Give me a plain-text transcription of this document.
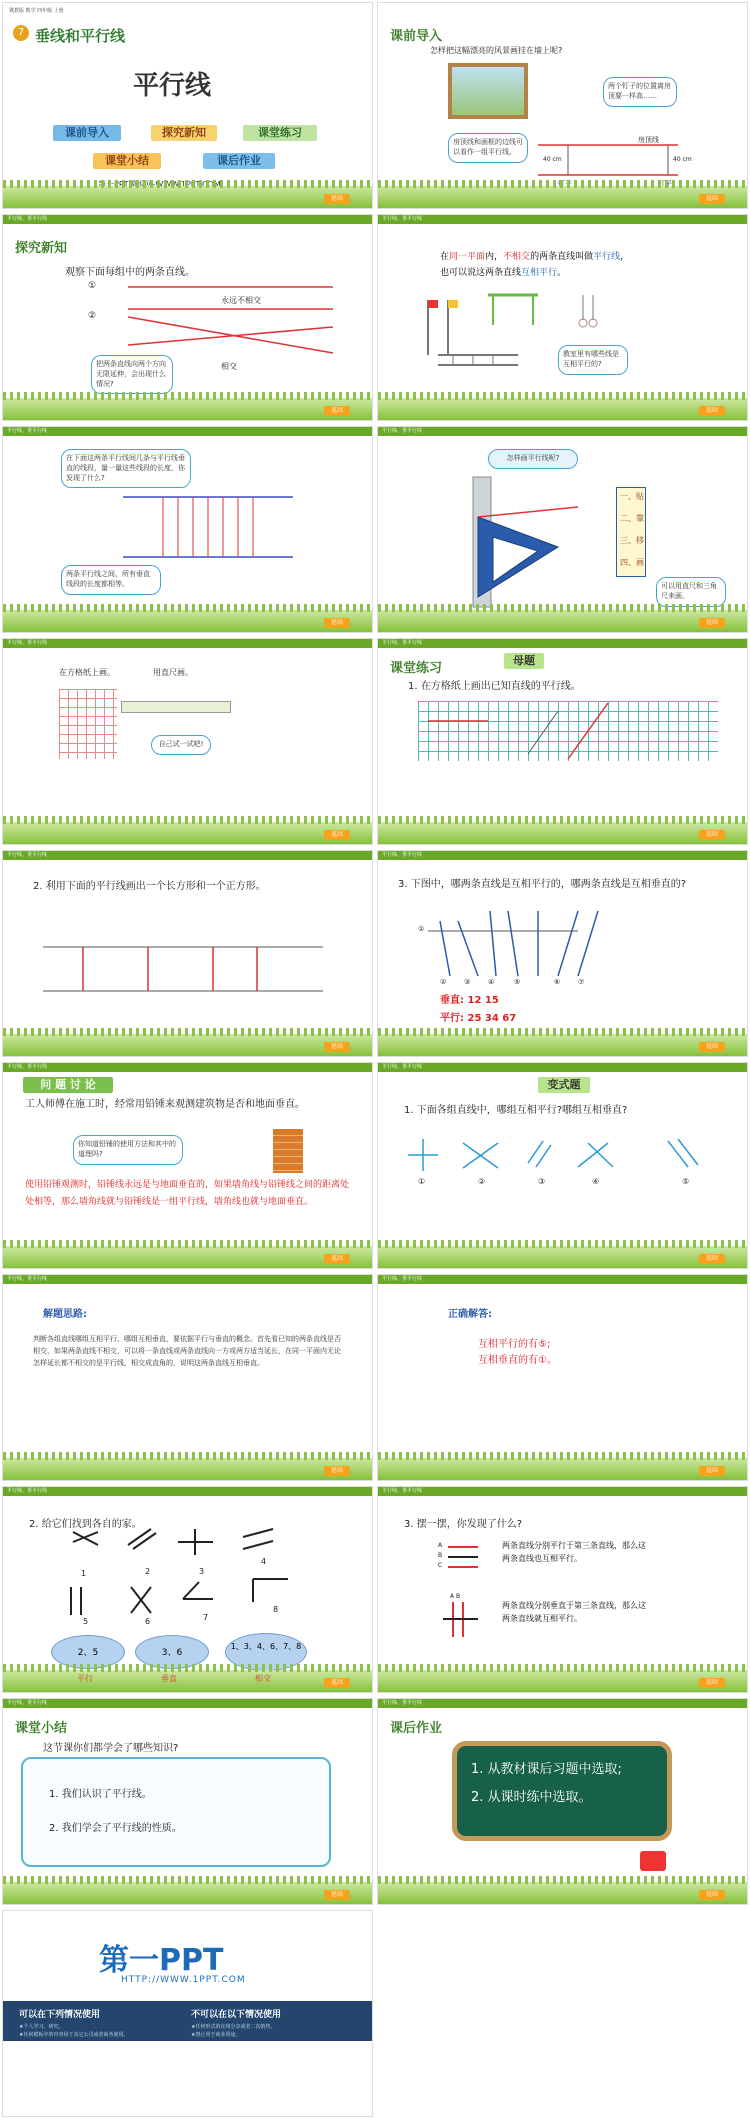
冀教版 数学 四年级 上册
7 垂线和平行线
平行线
课前导入	探究新知	课堂练习
课堂小结	课后作业
返回
课前导入
怎样把这幅漂亮的风景画挂在墙上呢?
两个钉子的位置离房顶要一样高……
房顶线和画框的边线可以看作一组平行线。
房顶线
40 cm	40 cm
返回
平行线、垂平行线
探究新知
观察下面每组中的两条直线。
①
②
永远不相交
相交
把两条直线向两个方向无限延伸，会出现什么情况?
返回
平行线、垂平行线
在同一平面内，不相交的两条直线叫做平行线，
也可以说这两条直线互相平行。
教室里有哪些线是互相平行的?
返回
平行线、垂平行线
在下面这两条平行线间几条与平行线垂直的线段，量一量这些线段的长度，你发现了什么?
两条平行线之间，所有垂直线段的长度都相等。
返回
平行线、垂平行线
怎样画平行线呢?
一、贴
二、靠
三、移
四、画
可以用直尺和三角尺来画。
返回
平行线、垂平行线
在方格纸上画。	用直尺画。
自己试一试吧!
返回
平行线、垂平行线
课堂练习
母题
1. 在方格纸上画出已知直线的平行线。
返回
平行线、垂平行线
2. 利用下面的平行线画出一个长方形和一个正方形。
返回
平行线、垂平行线
3. 下图中，哪两条直线是互相平行的，哪两条直线是互相垂直的?
①
②	③	④	⑤	⑥	⑦
垂直: 12 15
平行: 25 34 67
返回
平行线、垂平行线
问 题 讨 论
工人师傅在施工时，经常用铅锤来观测建筑物是否和地面垂直。
你知道铅锤的使用方法和其中的道理吗?
使用铅锤观测时，铅锤线永远是与地面垂直的，如果墙角线与铅锤线之间的距离处处相等，那么墙角线就与铅锤线是一组平行线，墙角线也就与地面垂直。
返回
平行线、垂平行线
变式题
1. 下面各组直线中，哪组互相平行?哪组互相垂直?
①	②	③	④	⑤
返回
平行线、垂平行线
解题思路:
判断各组直线哪组互相平行、哪组互相垂直，要依据平行与垂直的概念。首先看已知的两条直线是否相交，如果两条直线不相交，可以将一条直线或两条直线向一方或两方适当延长，在同一平面内无论怎样延长都不相交的是平行线，相交成直角的，说明这两条直线互相垂直。
返回
平行线、垂平行线
正确解答:
互相平行的有⑤;
互相垂直的有①。
返回
平行线、垂平行线
2. 给它们找到各自的家。
1	2	3
4
5	6	7
8
2、5	3、6
1、3、4、6、7、8
平行	垂直	相交	返回
平行线、垂平行线
3. 摆一摆，你发现了什么?
A
B
C
A B
两条直线分别平行于第三条直线，那么这两条直线也互相平行。
两条直线分别垂直于第三条直线，那么这两条直线就互相平行。
返回
平行线、垂平行线
课堂小结
这节课你们都学会了哪些知识?
1. 我们认识了平行线。
2. 我们学会了平行线的性质。
返回
平行线、垂平行线
课后作业
1. 从教材课后习题中选取;
2. 从课时练中选取。
返回
第一PPT
HTTP://WWW.1PPT.COM
可以在下列情况使用	不可以在以下情况使用
★个人学习、研究。
★任何模板中的内容用于其它公司或者商务使用。
★任何形式的在线分享或者二次销售。
★禁止用于商业用途。
